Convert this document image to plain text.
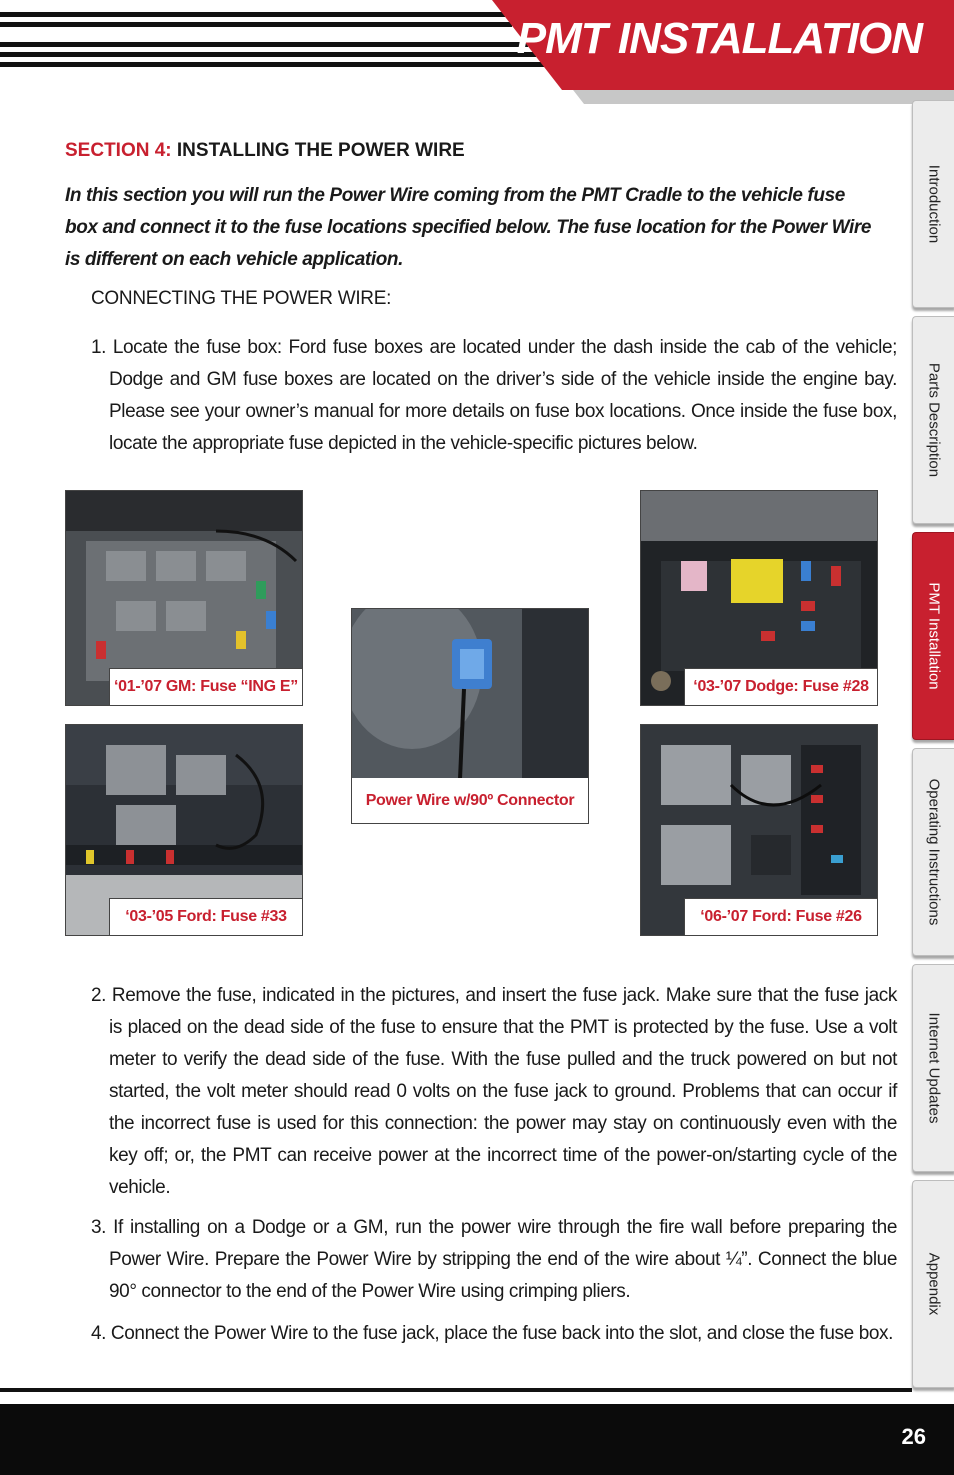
PMT INSTALLATION
Introduction
Parts Description
PMT Installation
Operating Instructions
Internet Updates
Appendix
SECTION 4: INSTALLING THE POWER WIRE
In this section you will run the Power Wire coming from the PMT Cradle to the vehicle fuse box and connect it to the fuse locations specified below. The fuse location for the Power Wire is different on each vehicle application.
CONNECTING THE POWER WIRE:
1. Locate the fuse box: Ford fuse boxes are located under the dash inside the cab of the vehicle; Dodge and GM fuse boxes are located on the driver’s side of the vehicle inside the engine bay. Please see your owner’s manual for more details on fuse box locations. Once inside the fuse box, locate the appropriate fuse depicted in the vehicle-specific pictures below.
‘01-’07 GM: Fuse “ING E”
‘03-’05 Ford: Fuse #33
Power Wire w/90º Connector
‘03-’07 Dodge: Fuse #28
‘06-’07 Ford: Fuse #26
2. Remove the fuse, indicated in the pictures, and insert the fuse jack. Make sure that the fuse jack is placed on the dead side of the fuse to ensure that the PMT is protected by the fuse. Use a volt meter to verify the dead side of the fuse. With the fuse pulled and the truck powered on but not started, the volt meter should read 0 volts on the fuse jack to ground. Problems that can occur if the incorrect fuse is used for this connection: the power may stay on continuously even with the key off; or, the PMT can receive power at the incorrect time of the power-on/starting cycle of the vehicle.
3. If installing on a Dodge or a GM, run the power wire through the fire wall before preparing the Power Wire. Prepare the Power Wire by stripping the end of the wire about ¼”. Connect the blue 90° connector to the end of the Power Wire using crimping pliers.
4. Connect the Power Wire to the fuse jack, place the fuse back into the slot, and close the fuse box.
26
